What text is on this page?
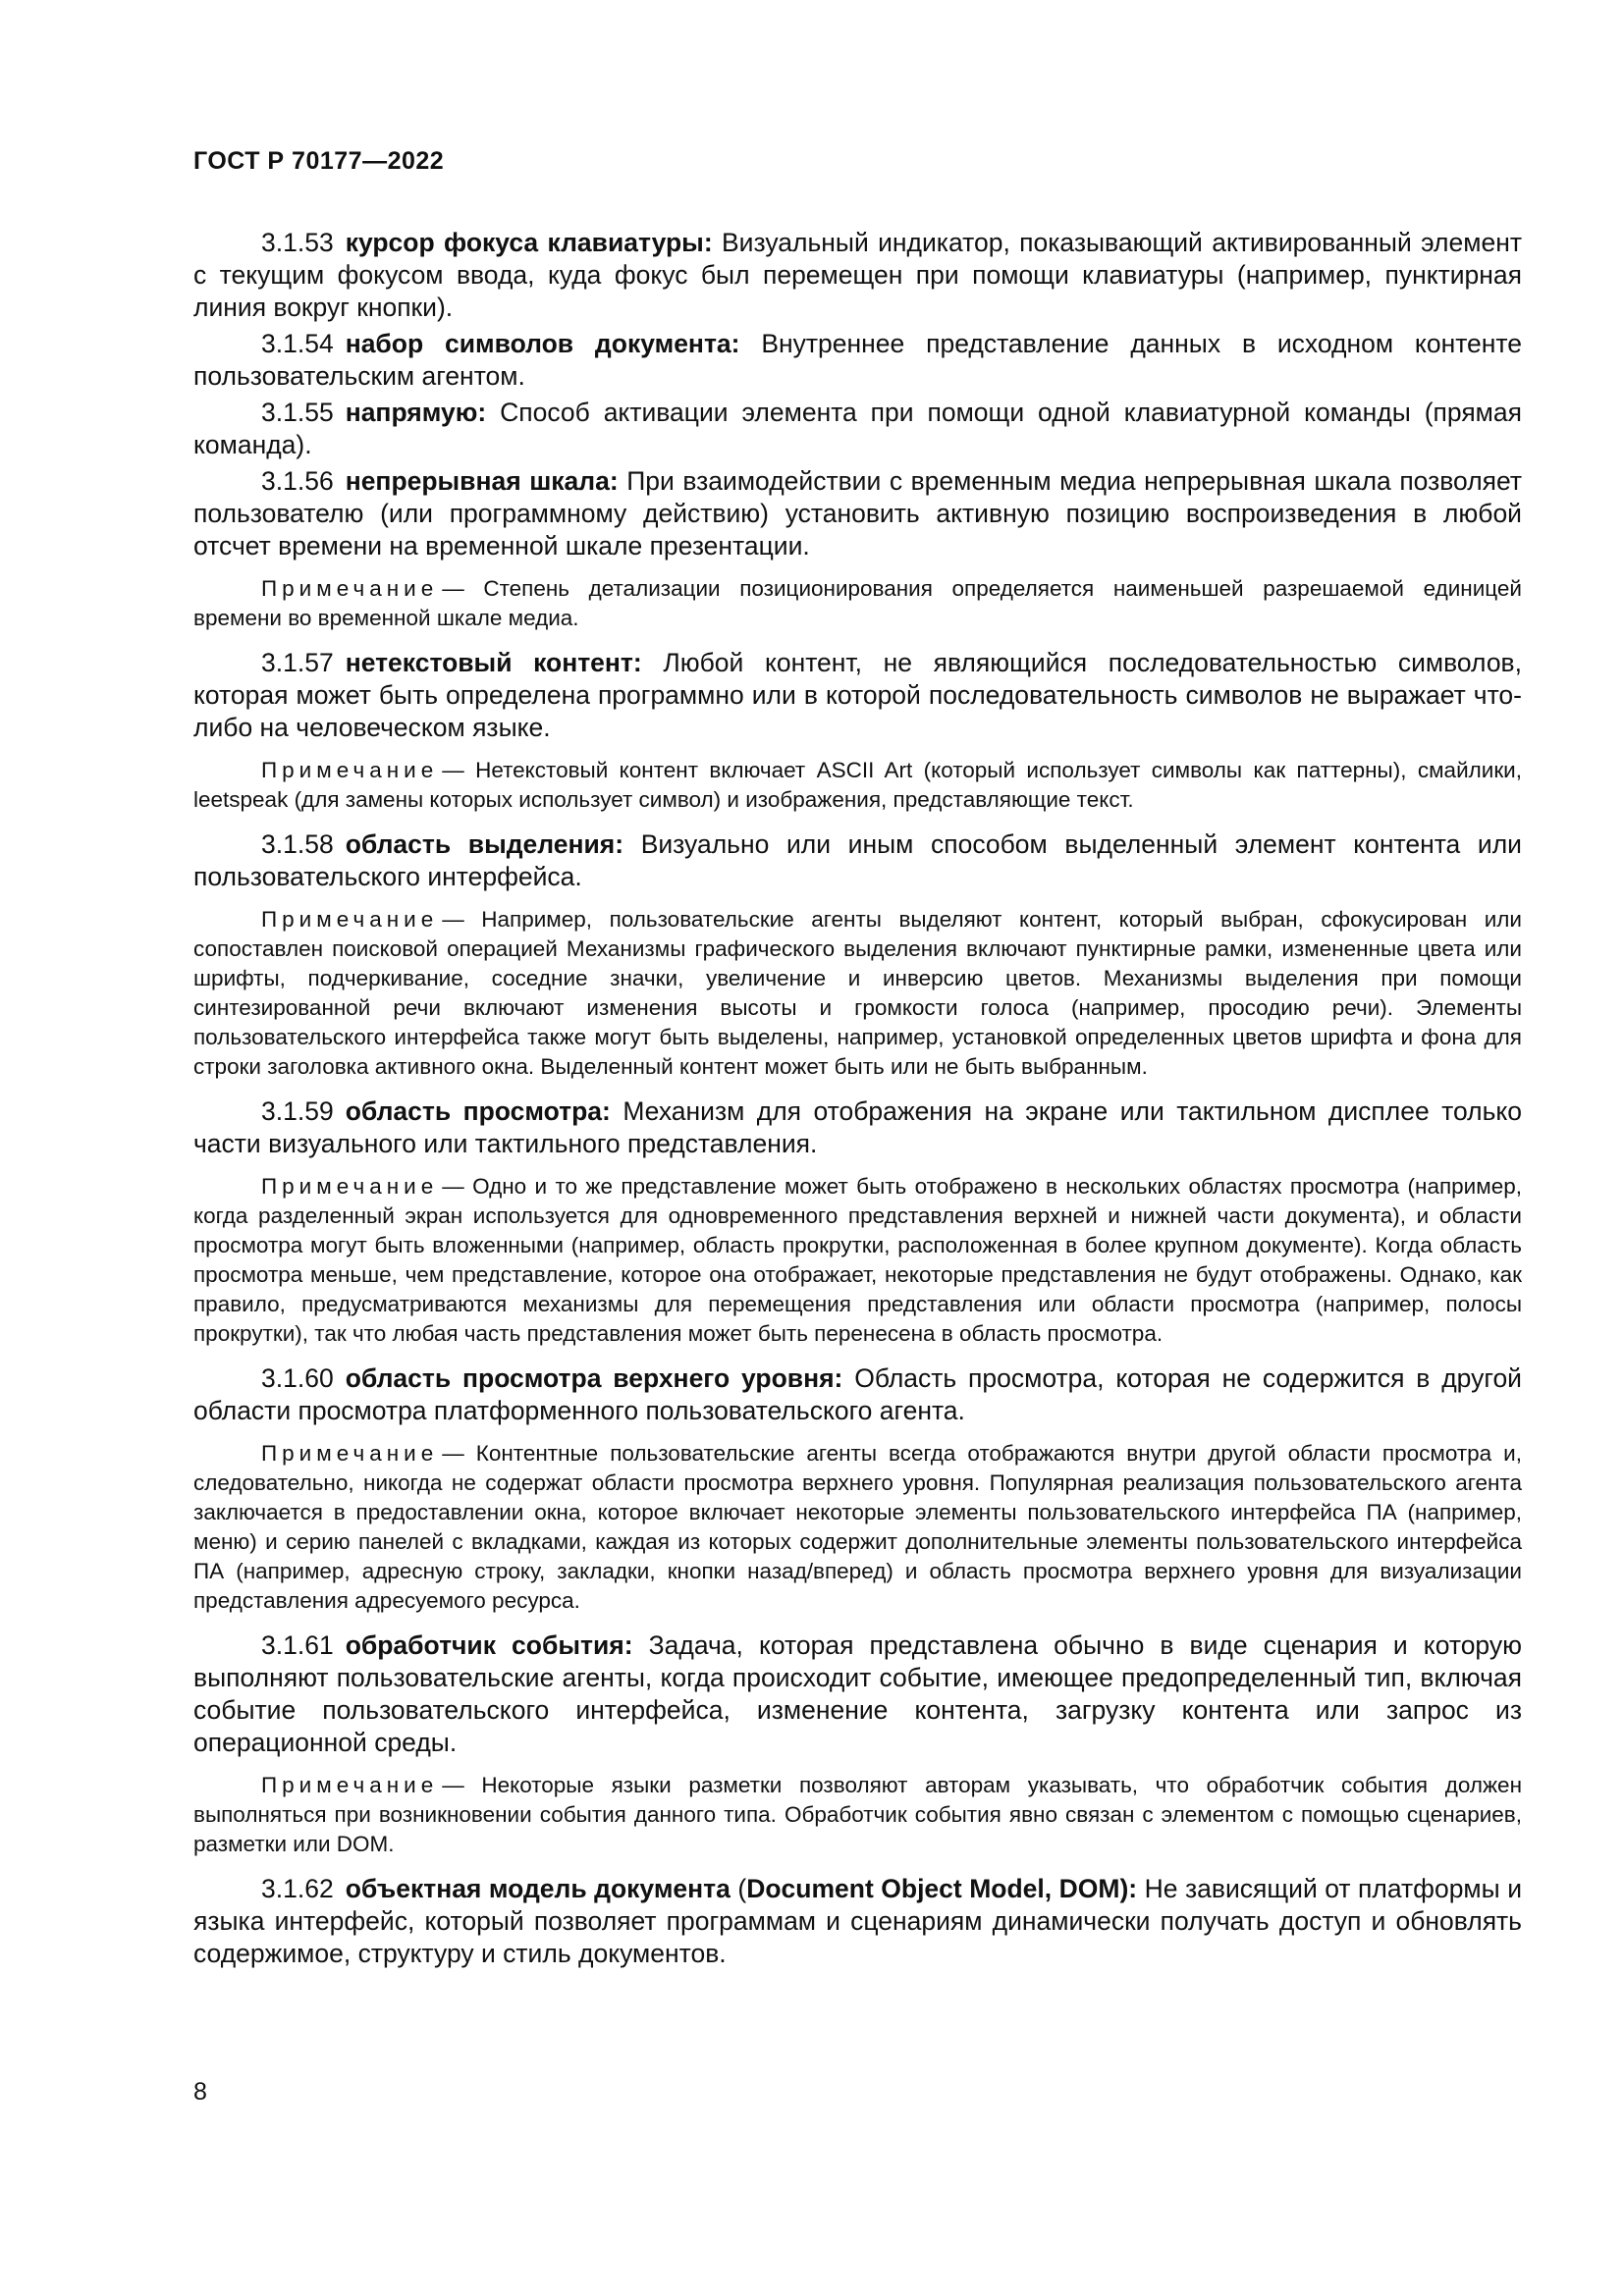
ГОСТ Р 70177—2022

3.1.53 курсор фокуса клавиатуры: Визуальный индикатор, показывающий активированный элемент с текущим фокусом ввода, куда фокус был перемещен при помощи клавиатуры (например, пунктирная линия вокруг кнопки).

3.1.54 набор символов документа: Внутреннее представление данных в исходном контенте пользовательским агентом.

3.1.55 напрямую: Способ активации элемента при помощи одной клавиатурной команды (прямая команда).

3.1.56 непрерывная шкала: При взаимодействии с временным медиа непрерывная шкала позволяет пользователю (или программному действию) установить активную позицию воспроизведения в любой отсчет времени на временной шкале презентации.

Примечание — Степень детализации позиционирования определяется наименьшей разрешаемой единицей времени во временной шкале медиа.

3.1.57 нетекстовый контент: Любой контент, не являющийся последовательностью символов, которая может быть определена программно или в которой последовательность символов не выражает что-либо на человеческом языке.

Примечание — Нетекстовый контент включает ASCII Art (который использует символы как паттерны), смайлики, leetspeak (для замены которых использует символ) и изображения, представляющие текст.

3.1.58 область выделения: Визуально или иным способом выделенный элемент контента или пользовательского интерфейса.

Примечание — Например, пользовательские агенты выделяют контент, который выбран, сфокусирован или сопоставлен поисковой операцией Механизмы графического выделения включают пунктирные рамки, измененные цвета или шрифты, подчеркивание, соседние значки, увеличение и инверсию цветов. Механизмы выделения при помощи синтезированной речи включают изменения высоты и громкости голоса (например, просодию речи). Элементы пользовательского интерфейса также могут быть выделены, например, установкой определенных цветов шрифта и фона для строки заголовка активного окна. Выделенный контент может быть или не быть выбранным.

3.1.59 область просмотра: Механизм для отображения на экране или тактильном дисплее только части визуального или тактильного представления.

Примечание — Одно и то же представление может быть отображено в нескольких областях просмотра (например, когда разделенный экран используется для одновременного представления верхней и нижней части документа), и области просмотра могут быть вложенными (например, область прокрутки, расположенная в более крупном документе). Когда область просмотра меньше, чем представление, которое она отображает, некоторые представления не будут отображены. Однако, как правило, предусматриваются механизмы для перемещения представления или области просмотра (например, полосы прокрутки), так что любая часть представления может быть перенесена в область просмотра.

3.1.60 область просмотра верхнего уровня: Область просмотра, которая не содержится в другой области просмотра платформенного пользовательского агента.

Примечание — Контентные пользовательские агенты всегда отображаются внутри другой области просмотра и, следовательно, никогда не содержат области просмотра верхнего уровня. Популярная реализация пользовательского агента заключается в предоставлении окна, которое включает некоторые элементы пользовательского интерфейса ПА (например, меню) и серию панелей с вкладками, каждая из которых содержит дополнительные элементы пользовательского интерфейса ПА (например, адресную строку, закладки, кнопки назад/вперед) и область просмотра верхнего уровня для визуализации представления адресуемого ресурса.

3.1.61 обработчик события: Задача, которая представлена обычно в виде сценария и которую выполняют пользовательские агенты, когда происходит событие, имеющее предопределенный тип, включая событие пользовательского интерфейса, изменение контента, загрузку контента или запрос из операционной среды.

Примечание — Некоторые языки разметки позволяют авторам указывать, что обработчик события должен выполняться при возникновении события данного типа. Обработчик события явно связан с элементом с помощью сценариев, разметки или DOM.

3.1.62 объектная модель документа (Document Object Model, DOM): Не зависящий от платформы и языка интерфейс, который позволяет программам и сценариям динамически получать доступ и обновлять содержимое, структуру и стиль документов.

8
